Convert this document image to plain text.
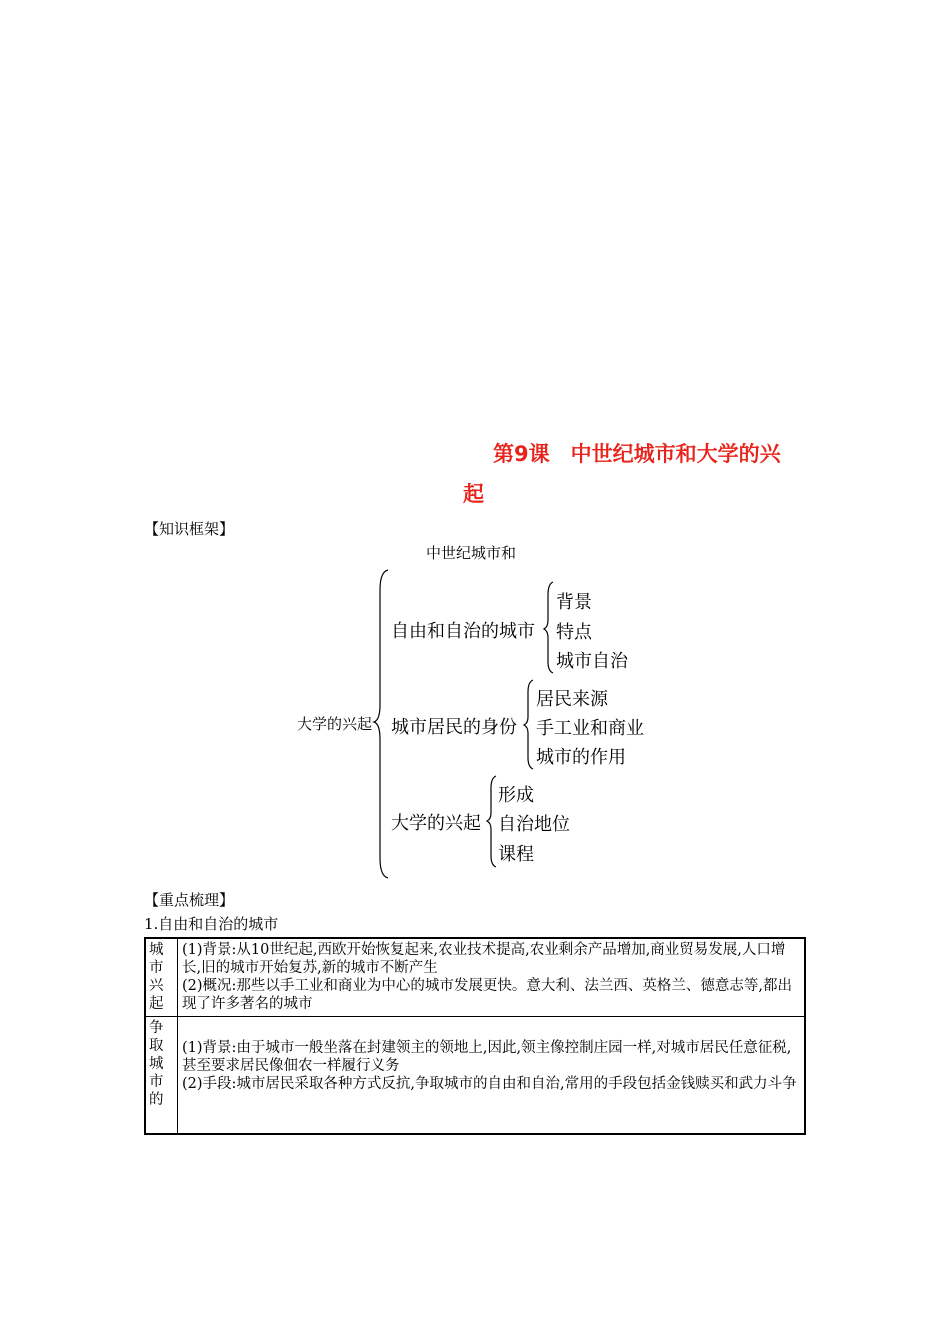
第9课　中世纪城市和大学的兴
起
【知识框架】
中世纪城市和
大学的兴起
自由和自治的城市
背景
特点
城市自治
城市居民的身份
居民来源
手工业和商业
城市的作用
大学的兴起
形成
自治地位
课程
【重点梳理】
1.自由和自治的城市
城
市
兴
起	(1)背景:从10世纪起,西欧开始恢复起来,农业技术提高,农业剩余产品增加,商业贸易发展,人口增长,旧的城市开始复苏,新的城市不断产生
(2)概况:那些以手工业和商业为中心的城市发展更快。意大利、法兰西、英格兰、德意志等,都出现了许多著名的城市

争
取
城
市
的	(1)背景:由于城市一般坐落在封建领主的领地上,因此,领主像控制庄园一样,对城市居民任意征税,甚至要求居民像佃农一样履行义务
(2)手段:城市居民采取各种方式反抗,争取城市的自由和自治,常用的手段包括金钱赎买和武力斗争
